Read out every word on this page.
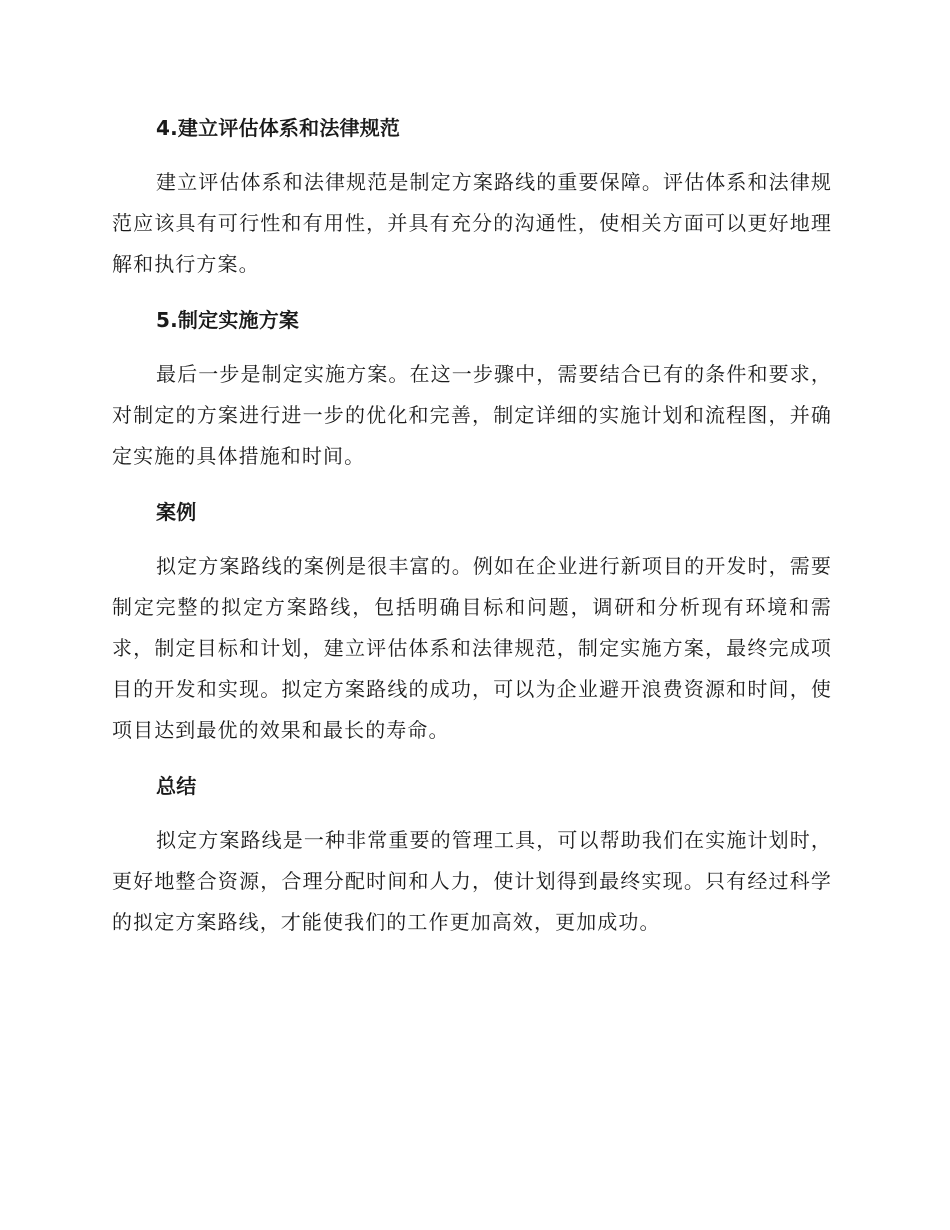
4.建立评估体系和法律规范

建立评估体系和法律规范是制定方案路线的重要保障。评估体系和法律规范应该具有可行性和有用性，并具有充分的沟通性，使相关方面可以更好地理解和执行方案。

5.制定实施方案

最后一步是制定实施方案。在这一步骤中，需要结合已有的条件和要求，对制定的方案进行进一步的优化和完善，制定详细的实施计划和流程图，并确定实施的具体措施和时间。

案例

拟定方案路线的案例是很丰富的。例如在企业进行新项目的开发时，需要制定完整的拟定方案路线，包括明确目标和问题，调研和分析现有环境和需求，制定目标和计划，建立评估体系和法律规范，制定实施方案，最终完成项目的开发和实现。拟定方案路线的成功，可以为企业避开浪费资源和时间，使项目达到最优的效果和最长的寿命。

总结

拟定方案路线是一种非常重要的管理工具，可以帮助我们在实施计划时，更好地整合资源，合理分配时间和人力，使计划得到最终实现。只有经过科学的拟定方案路线，才能使我们的工作更加高效，更加成功。
